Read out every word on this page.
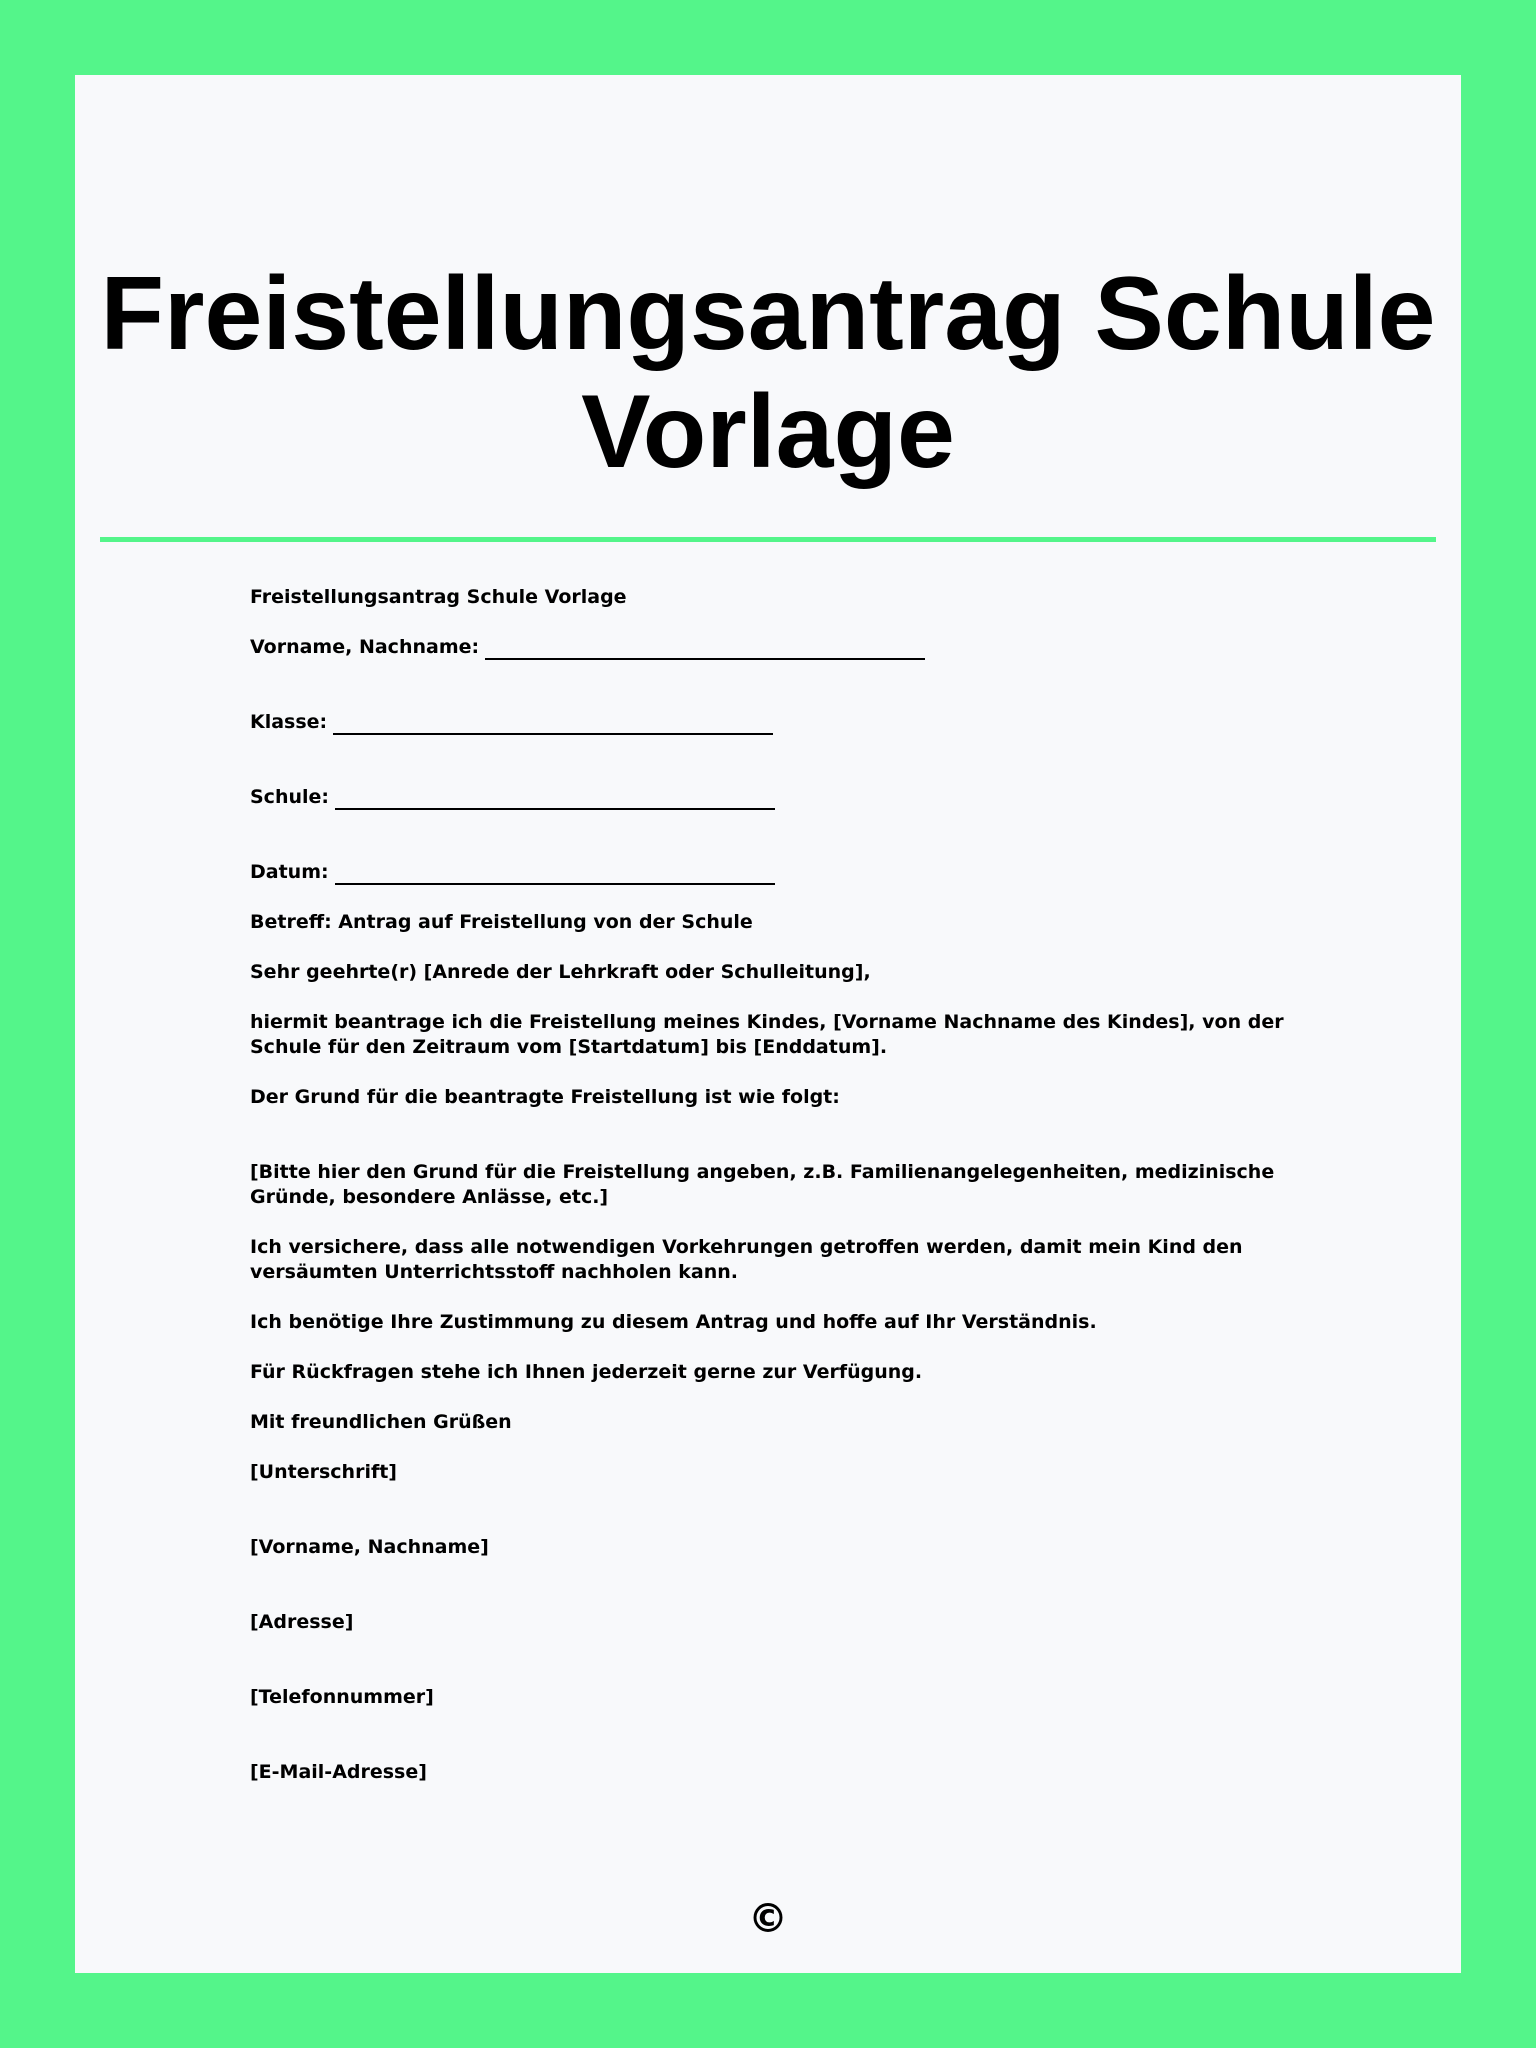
Freistellungsantrag Schule Vorlage

Freistellungsantrag Schule Vorlage

Vorname, Nachname:
Klasse:
Schule:
Datum:

Betreff: Antrag auf Freistellung von der Schule

Sehr geehrte(r) [Anrede der Lehrkraft oder Schulleitung],

hiermit beantrage ich die Freistellung meines Kindes, [Vorname Nachname des Kindes], von der Schule für den Zeitraum vom [Startdatum] bis [Enddatum].

Der Grund für die beantragte Freistellung ist wie folgt:

[Bitte hier den Grund für die Freistellung angeben, z.B. Familienangelegenheiten, medizinische Gründe, besondere Anlässe, etc.]

Ich versichere, dass alle notwendigen Vorkehrungen getroffen werden, damit mein Kind den versäumten Unterrichtsstoff nachholen kann.

Ich benötige Ihre Zustimmung zu diesem Antrag und hoffe auf Ihr Verständnis.

Für Rückfragen stehe ich Ihnen jederzeit gerne zur Verfügung.

Mit freundlichen Grüßen

[Unterschrift]

[Vorname, Nachname]

[Adresse]

[Telefonnummer]

[E-Mail-Adresse]

©
